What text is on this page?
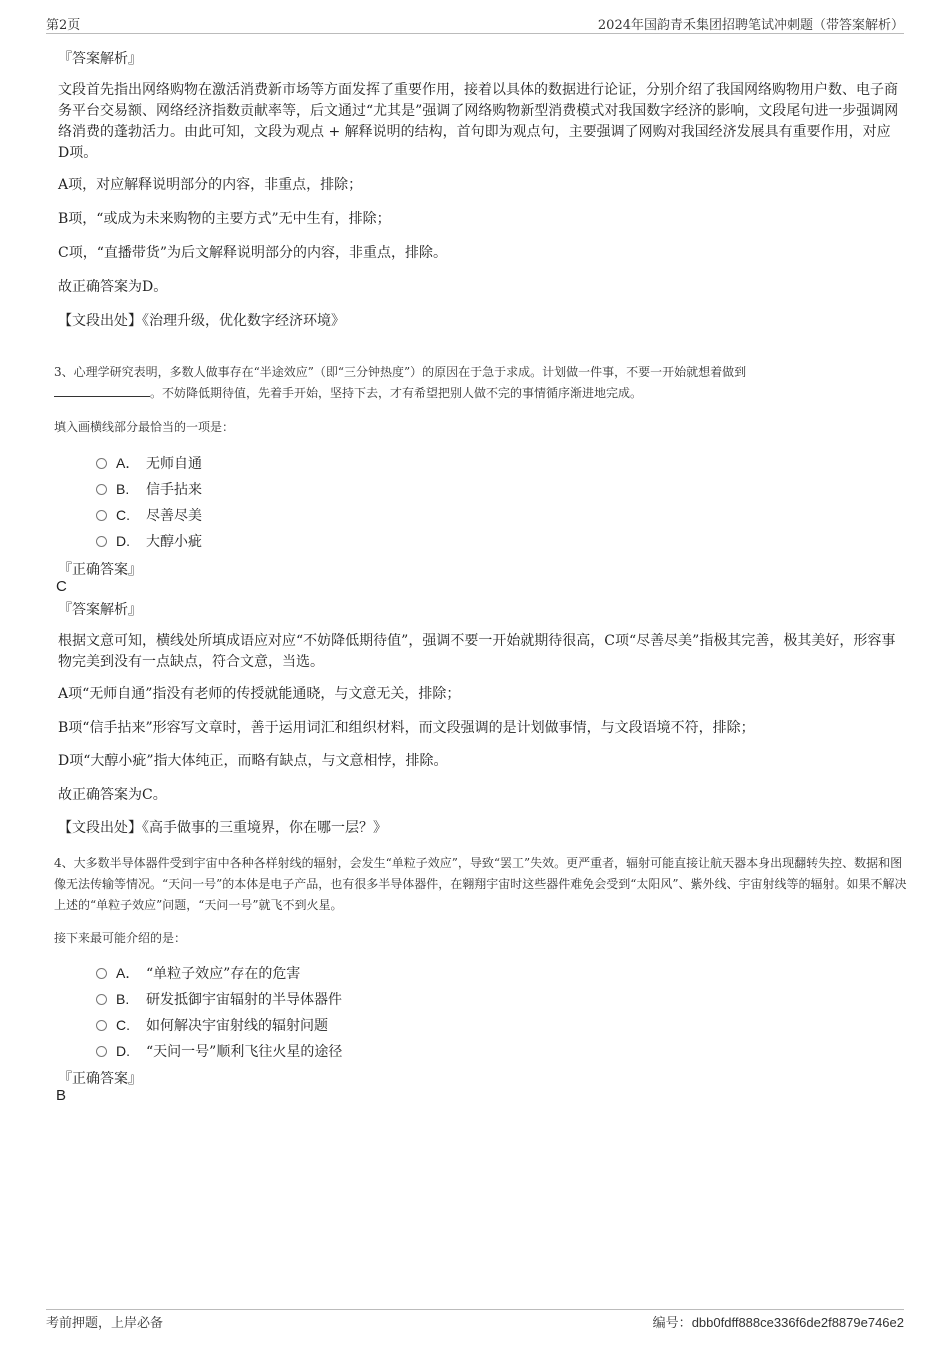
第2页	2024年国韵青禾集团招聘笔试冲刺题（带答案解析）
『答案解析』

文段首先指出网络购物在激活消费新市场等方面发挥了重要作用，接着以具体的数据进行论证，分别介绍了我国网络购物用户数、电子商务平台交易额、网络经济指数贡献率等，后文通过“尤其是”强调了网络购物新型消费模式对我国数字经济的影响，文段尾句进一步强调网络消费的蓬勃活力。由此可知，文段为观点 + 解释说明的结构，首句即为观点句，主要强调了网购对我国经济发展具有重要作用，对应D项。

A项，对应解释说明部分的内容，非重点，排除；
B项，“或成为未来购物的主要方式”无中生有，排除；
C项，“直播带货”为后文解释说明部分的内容，非重点，排除。
故正确答案为D。
【文段出处】《治理升级，优化数字经济环境》

3、心理学研究表明，多数人做事存在“半途效应”（即“三分钟热度”）的原因在于急于求成。计划做一件事，不要一开始就想着做到
。不妨降低期待值，先着手开始，坚持下去，才有希望把别人做不完的事情循序渐进地完成。

填入画横线部分最恰当的一项是：
A． 无师自通
B. 信手拈来
C. 尽善尽美
D. 大醇小疵
『正确答案』
C
『答案解析』

根据文意可知，横线处所填成语应对应“不妨降低期待值”，强调不要一开始就期待很高，C项“尽善尽美”指极其完善，极其美好，形容事物完美到没有一点缺点，符合文意，当选。

A项“无师自通”指没有老师的传授就能通晓，与文意无关，排除；
B项“信手拈来”形容写文章时，善于运用词汇和组织材料，而文段强调的是计划做事情，与文段语境不符，排除；
D项“大醇小疵”指大体纯正，而略有缺点，与文意相悖，排除。
故正确答案为C。
【文段出处】《高手做事的三重境界，你在哪一层？》

4、大多数半导体器件受到宇宙中各种各样射线的辐射，会发生“单粒子效应”，导致“罢工”失效。更严重者，辐射可能直接让航天器本身出现翻转失控、数据和图像无法传输等情况。“天问一号”的本体是电子产品，也有很多半导体器件，在翱翔宇宙时这些器件难免会受到“太阳风”、紫外线、宇宙射线等的辐射。如果不解决上述的“单粒子效应”问题，“天问一号”就飞不到火星。

接下来最可能介绍的是：
A． “单粒子效应”存在的危害
B. 研发抵御宇宙辐射的半导体器件
C. 如何解决宇宙射线的辐射问题
D. “天问一号”顺利飞往火星的途径
『正确答案』
B
考前押题，上岸必备	编号：dbb0fdff888ce336f6de2f8879e746e2
